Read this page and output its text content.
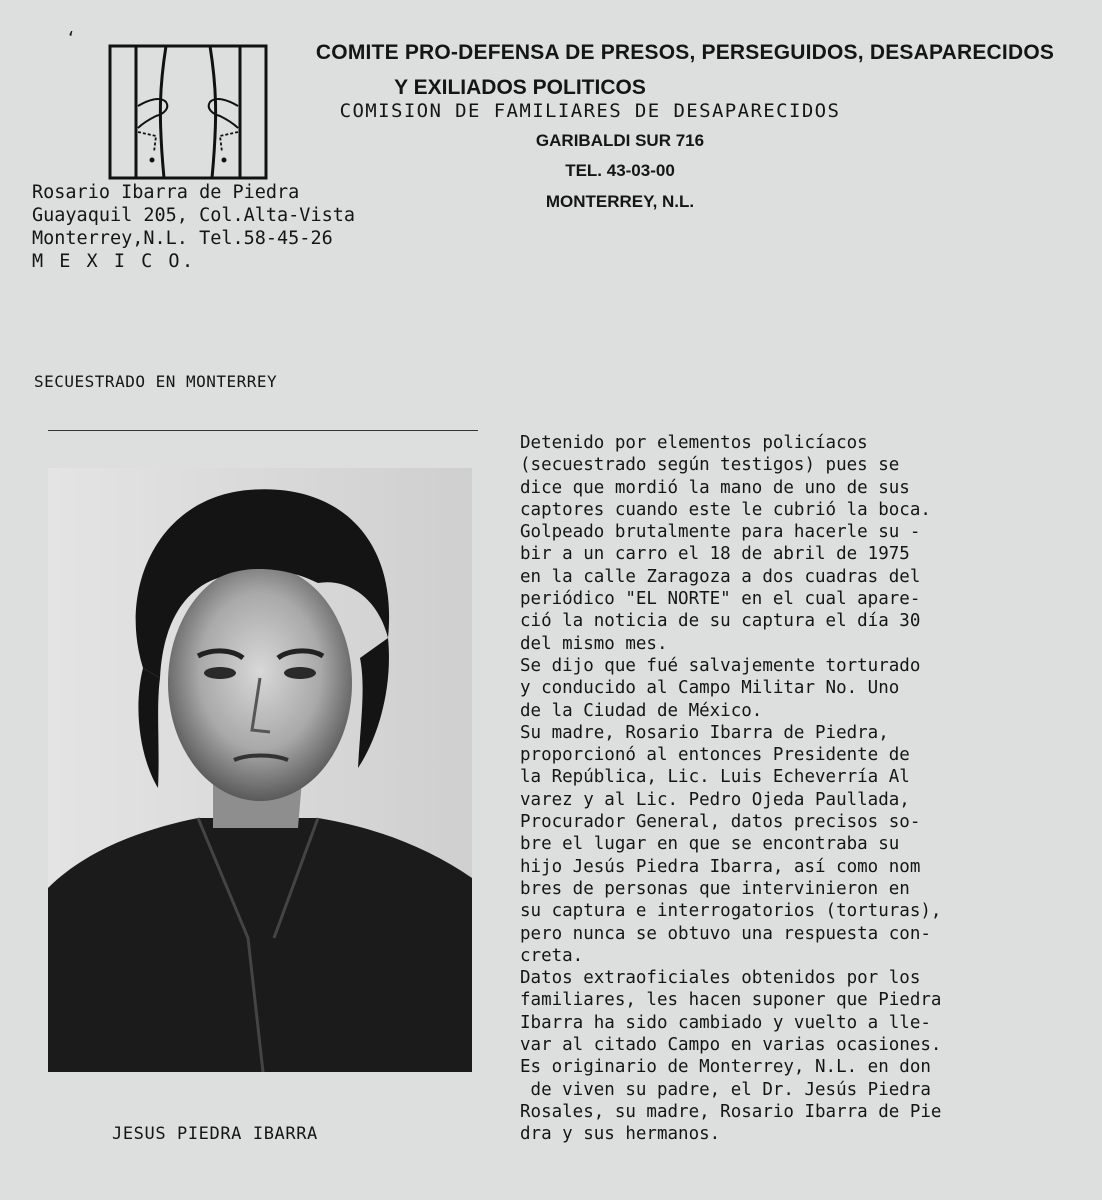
‘
COMITE PRO-DEFENSA DE PRESOS, PERSEGUIDOS, DESAPARECIDOS
Y EXILIADOS POLITICOS
COMISION DE FAMILIARES DE DESAPARECIDOS
GARIBALDI SUR 716
TEL. 43-03-00
MONTERREY, N.L.
Rosario Ibarra de Piedra
Guayaquil 205, Col.Alta-Vista
Monterrey,N.L. Tel.58-45-26
M E X I C O.
SECUESTRADO EN MONTERREY
JESUS PIEDRA IBARRA
Detenido por elementos policíacos
(secuestrado según testigos) pues se
dice que mordió la mano de uno de sus
captores cuando este le cubrió la boca.
Golpeado brutalmente para hacerle su -
bir a un carro el 18 de abril de 1975
en la calle Zaragoza a dos cuadras del
periódico "EL NORTE" en el cual apare-
ció la noticia de su captura el día 30
del mismo mes.
Se dijo que fué salvajemente torturado
y conducido al Campo Militar No. Uno
de la Ciudad de México.
Su madre, Rosario Ibarra de Piedra,
proporcionó al entonces Presidente de
la República, Lic. Luis Echeverría Al
varez y al Lic. Pedro Ojeda Paullada,
Procurador General, datos precisos so-
bre el lugar en que se encontraba su
hijo Jesús Piedra Ibarra, así como nom
bres de personas que intervinieron en
su captura e interrogatorios (torturas),
pero nunca se obtuvo una respuesta con-
creta.
Datos extraoficiales obtenidos por los
familiares, les hacen suponer que Piedra
Ibarra ha sido cambiado y vuelto a lle-
var al citado Campo en varias ocasiones.
Es originario de Monterrey, N.L. en don
de viven su padre, el Dr. Jesús Piedra
Rosales, su madre, Rosario Ibarra de Pie
dra y sus hermanos.
